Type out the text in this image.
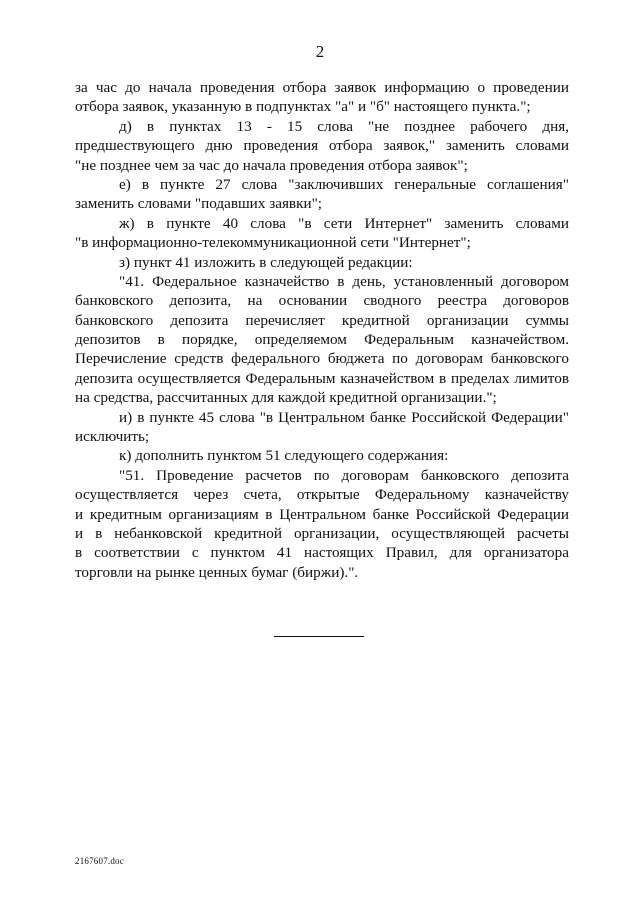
2
за час до начала проведения отбора заявок информацию о проведении
отбора заявок, указанную в подпунктах "а" и "б" настоящего пункта.";
д) в пунктах 13 - 15 слова "не позднее рабочего дня,
предшествующего дню проведения отбора заявок," заменить словами
"не позднее чем за час до начала проведения отбора заявок";
е) в пункте 27 слова "заключивших генеральные соглашения"
заменить словами "подавших заявки";
ж) в пункте 40 слова "в сети Интернет" заменить словами
"в информационно-телекоммуникационной сети "Интернет";
з) пункт 41 изложить в следующей редакции:
"41. Федеральное казначейство в день, установленный договором
банковского депозита, на основании сводного реестра договоров
банковского депозита перечисляет кредитной организации суммы
депозитов в порядке, определяемом Федеральным казначейством.
Перечисление средств федерального бюджета по договорам банковского
депозита осуществляется Федеральным казначейством в пределах лимитов
на средства, рассчитанных для каждой кредитной организации.";
и) в пункте 45 слова "в Центральном банке Российской Федерации"
исключить;
к) дополнить пунктом 51 следующего содержания:
"51. Проведение расчетов по договорам банковского депозита
осуществляется через счета, открытые Федеральному казначейству
и кредитным организациям в Центральном банке Российской Федерации
и в небанковской кредитной организации, осуществляющей расчеты
в соответствии с пунктом 41 настоящих Правил, для организатора
торговли на рынке ценных бумаг (биржи).".
2167607.doc
